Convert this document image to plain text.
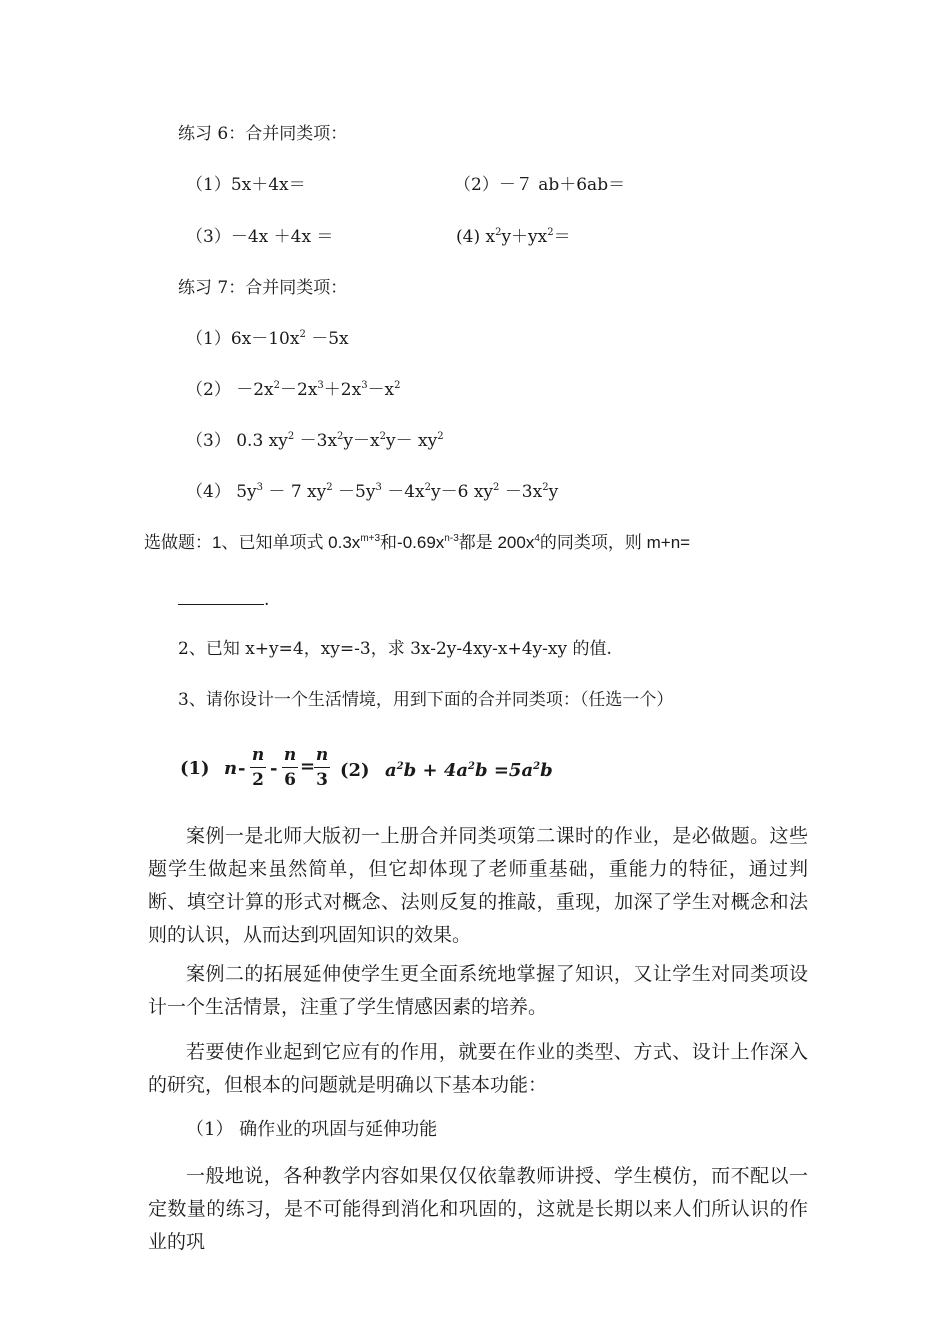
练习 6：合并同类项：
（1）5x＋4x＝	（2）－７ ab＋6ab＝
（3）－4x ＋4x ＝	(4) $x^2y+yx^2=$
练习 7：合并同类项：
$(1)6x-10x^2 -5x$
$(2) -2x^2-2x^3+2x^3-x^2$
（3） 0.3 $xy^2 -3x^2y-x^2y- xy^2$
（4） $5y^3 - 7$ $xy^2 -5y^3 -4x^2y-6$ $xy^2 -3x^2y$
选做题：1、已知单项式 $0.3x^{m+3}$和$-0.69x^{n-3}$都是 $200x^4$的同类项，则 m+n=
.
2、已知 x+y=4，xy=-3，求 3x-2y-4xy-x+4y-xy 的值.
3、请你设计一个生活情境，用到下面的合并同类项：（任选一个）
(1) n -
n
2
-
n
6
=
n
3 (2) $a^2b + 4a^2b =5a^2b$
案例一是北师大版初一上册合并同类项第二课时的作业，是必做题。这些题学生做起来虽然简单，但它却体现了老师重基础，重能力的特征，通过判断、填空计算的形式对概念、法则反复的推敲，重现，加深了学生对概念和法则的认识，从而达到巩固知识的效果。
案例二的拓展延伸使学生更全面系统地掌握了知识，又让学生对同类项设计一个生活情景，注重了学生情感因素的培养。
若要使作业起到它应有的作用，就要在作业的类型、方式、设计上作深入的研究，但根本的问题就是明确以下基本功能：
（1） 确作业的巩固与延伸功能
一般地说，各种教学内容如果仅仅依靠教师讲授、学生模仿，而不配以一定数量的练习，是不可能得到消化和巩固的，这就是长期以来人们所认识的作业的巩
